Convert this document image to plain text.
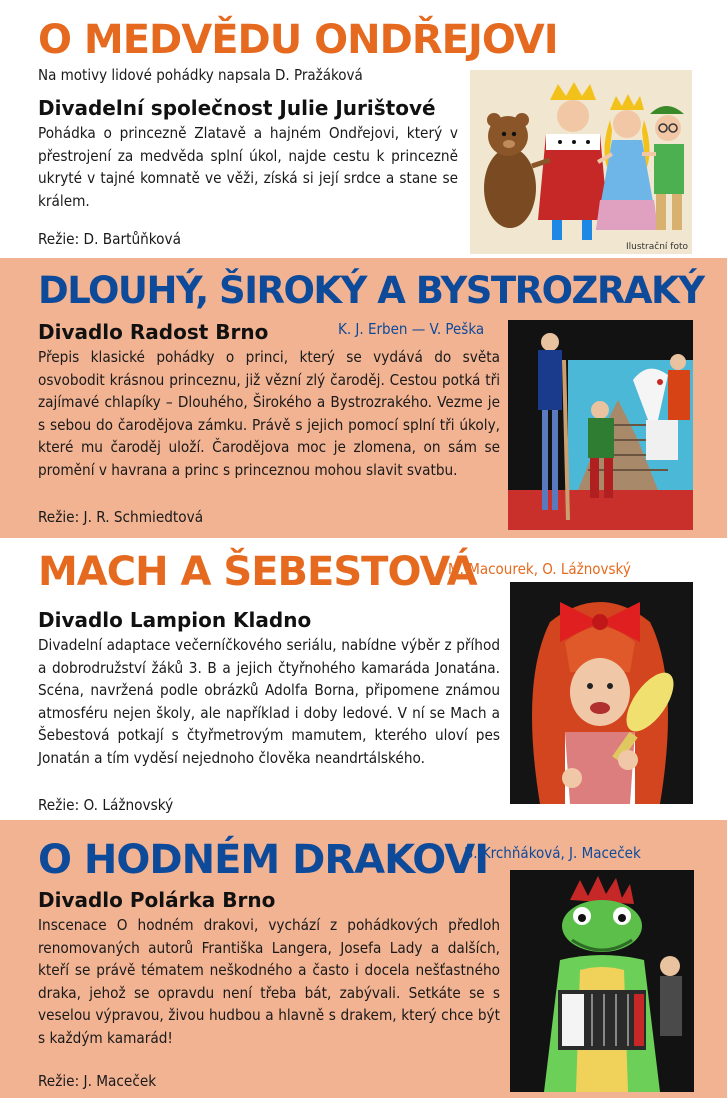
O MEDVĚDU ONDŘEJOVI
Na motivy lidové pohádky napsala D. Pražáková
Divadelní společnost Julie Jurištové

Pohádka o princezně Zlatavě a hajném Ondřejovi, který v přestrojení za medvěda splní úkol, najde cestu k princezně ukryté v tajné komnatě ve věži, získá si její srdce a stane se králem.

Režie: D. Bartůňková	Ilustrační foto
DLOUHÝ, ŠIROKÝ A BYSTROZRAKÝ
K. J. Erben — V. Peška
Divadlo Radost Brno

Přepis klasické pohádky o princi, který se vydává do světa osvobodit krásnou princeznu, již vězní zlý čaroděj. Cestou potká tři zajímavé chlapíky – Dlouhého, Širokého a Bystrozrakého. Vezme je s sebou do čarodějova zámku. Právě s jejich pomocí splní tři úkoly, které mu čaroděj uloží. Čarodějova moc je zlomena, on sám se promění v havrana a princ s princeznou mohou slavit svatbu.

Režie: J. R. Schmiedtová

MACH A ŠEBESTOVÁ
M. Macourek, O. Lážnovský
Divadlo Lampion Kladno

Divadelní adaptace večerníčkového seriálu, nabídne výběr z příhod a dobrodružství žáků 3. B a jejich čtyřnohého kamaráda Jonatána. Scéna, navržená podle obrázků Adolfa Borna, připomene známou atmosféru nejen školy, ale například i doby ledové. V ní se Mach a Šebestová potkají s čtyřmetrovým mamutem, kterého uloví pes Jonatán a tím vyděsí nejednoho člověka neandrtálského.

Režie: O. Lážnovský

O HODNÉM DRAKOVI
B. Krchňáková, J. Maceček
Divadlo Polárka Brno

Inscenace O hodném drakovi, vychází z pohádkových předloh renomovaných autorů Františka Langera, Josefa Lady a dalších, kteří se právě tématem neškodného a často i docela nešťastného draka, jehož se opravdu není třeba bát, zabývali. Setkáte se s veselou výpravou, živou hudbou a hlavně s drakem, který chce být s každým kamarád!

Režie: J. Maceček
